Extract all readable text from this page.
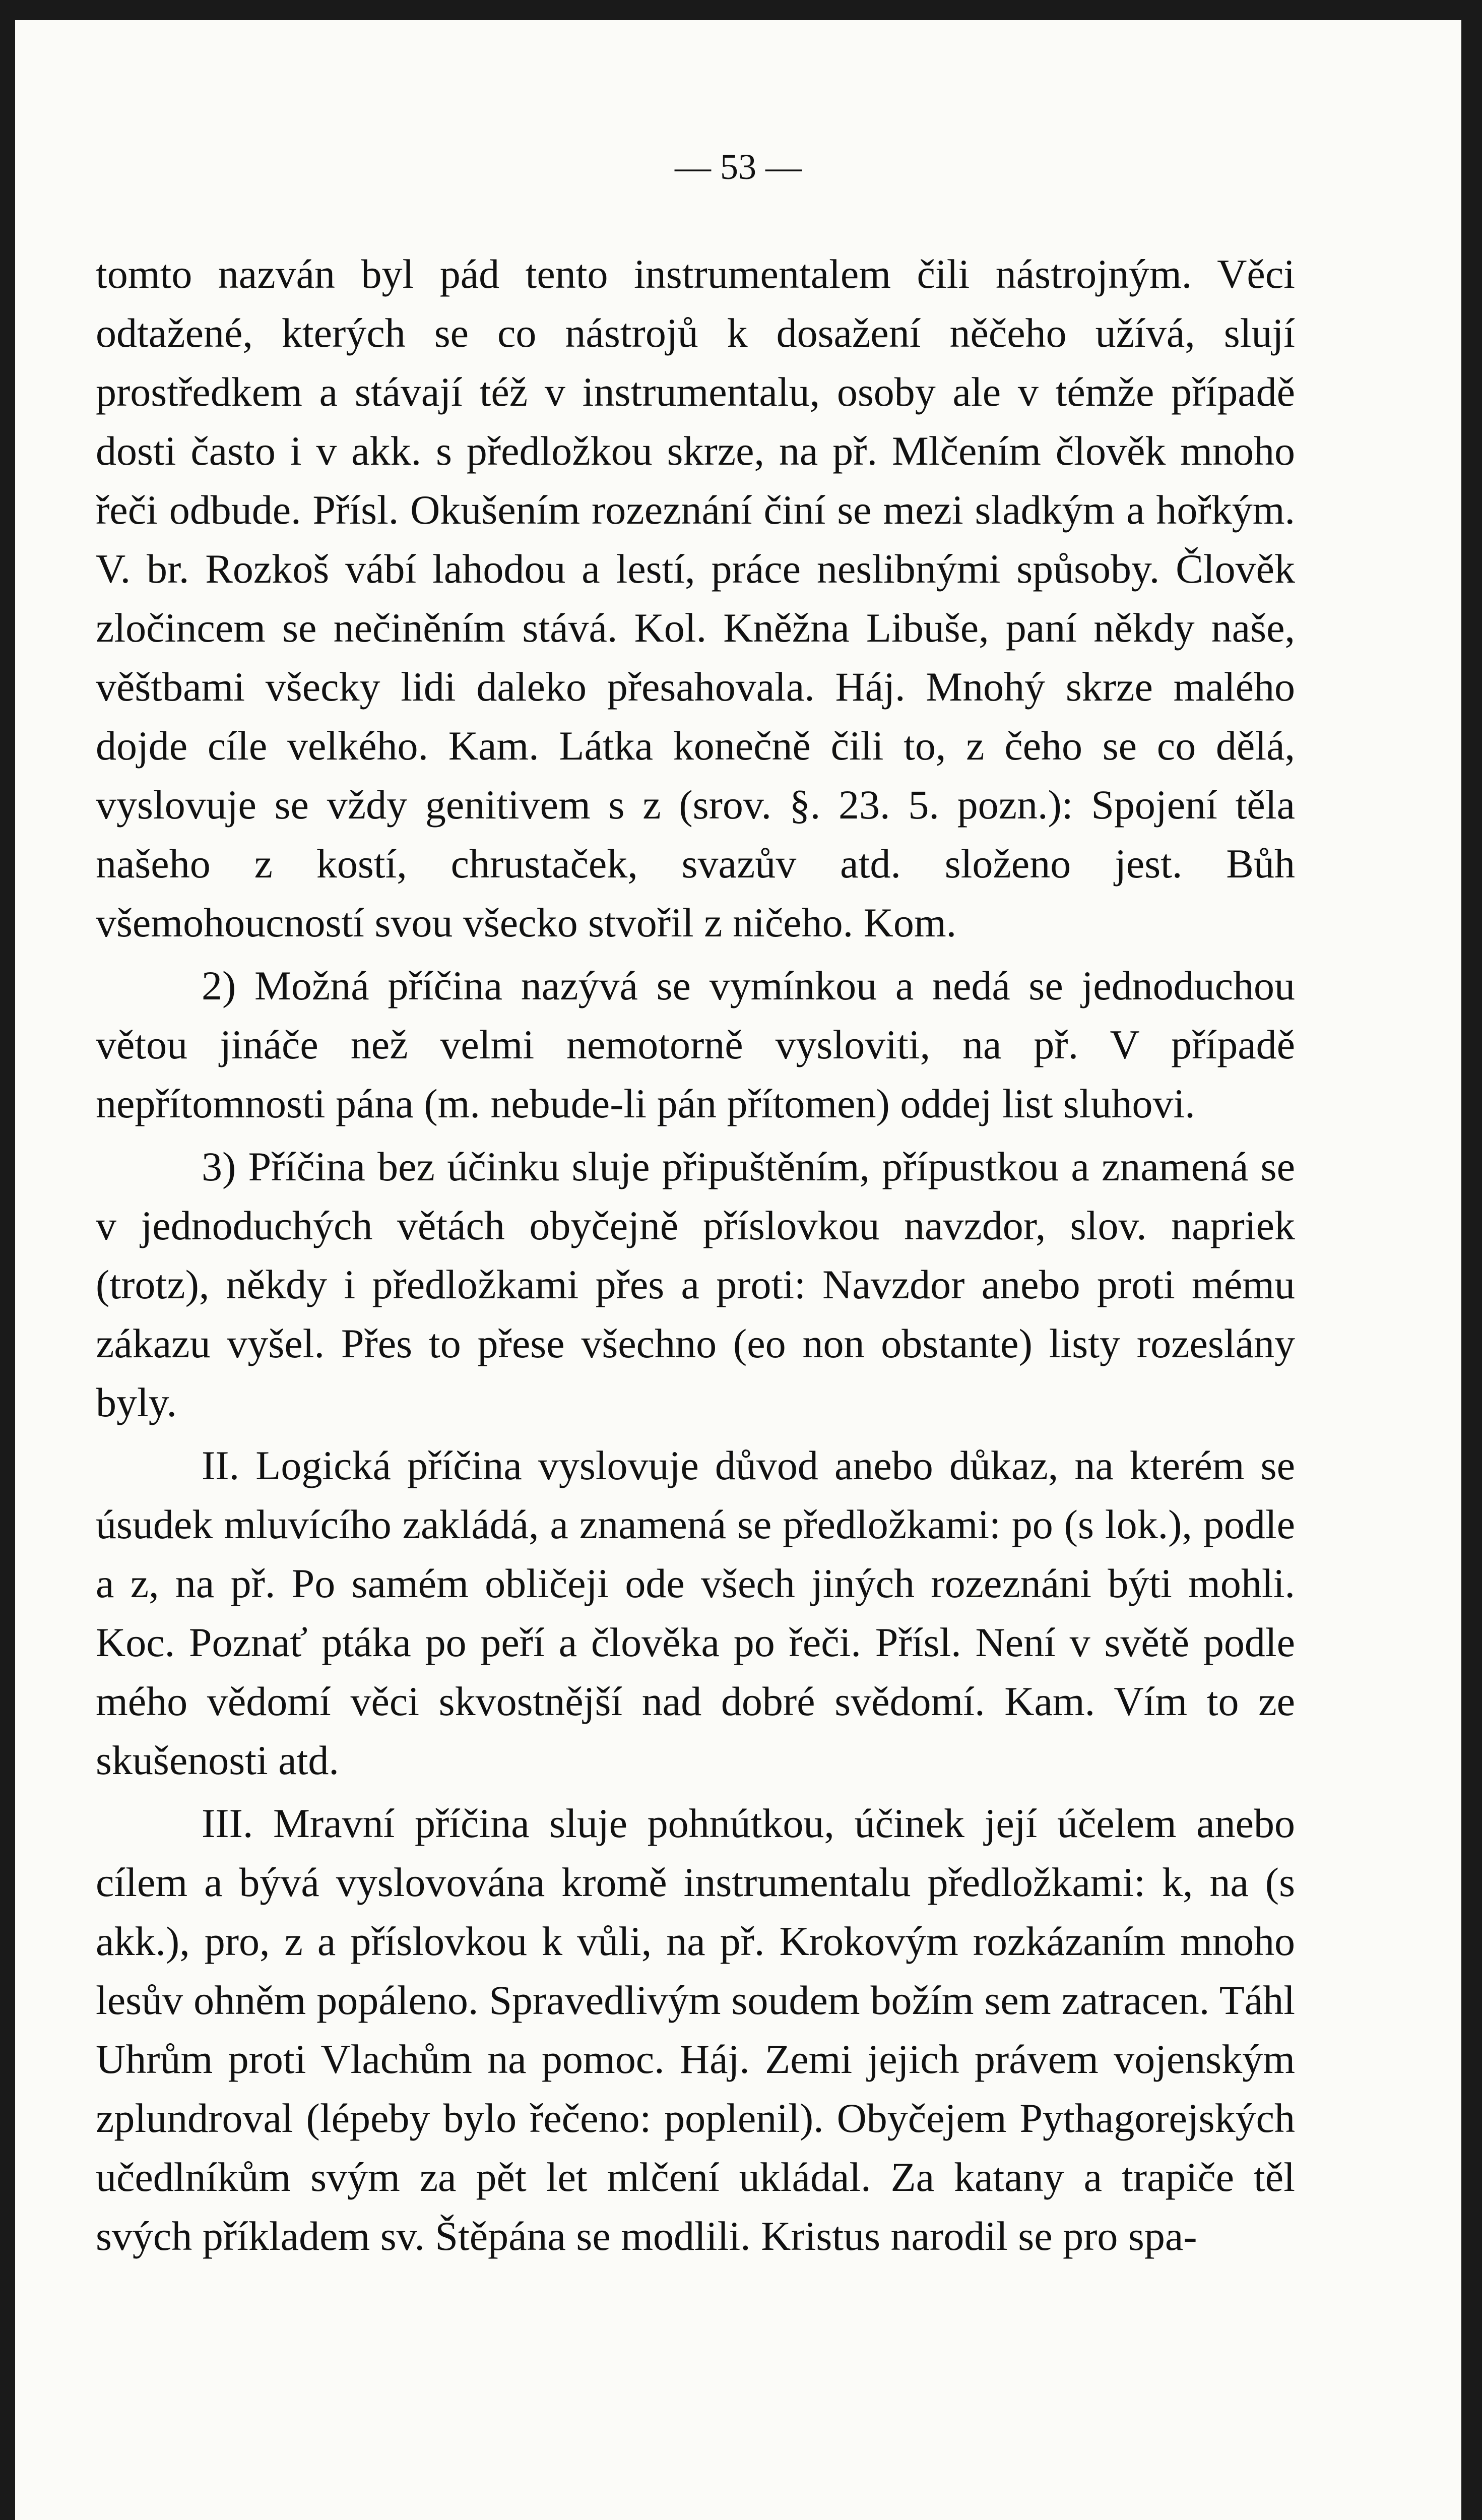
— 53 —

tomto nazván byl pád tento instrumentalem čili nástrojným. Věci odtažené, kterých se co nástrojů k dosažení něčeho užívá, slují prostředkem a stávají též v instrumentalu, osoby ale v témže případě dosti často i v akk. s předložkou skrze, na př. Mlčením člověk mnoho řeči odbude. Přísl. Okušením rozeznání činí se mezi sladkým a hořkým. V. br. Rozkoš vábí lahodou a lestí, práce neslibnými spůsoby. Člověk zločincem se nečiněním stává. Kol. Kněžna Libuše, paní někdy naše, věštbami všecky lidi daleko přesahovala. Háj. Mnohý skrze malého dojde cíle velkého. Kam. Látka konečně čili to, z čeho se co dělá, vyslovuje se vždy genitivem s z (srov. §. 23. 5. pozn.): Spojení těla našeho z kostí, chrustaček, svazův atd. složeno jest. Bůh všemohoucností svou všecko stvořil z ničeho. Kom.

2) Možná příčina nazývá se vymínkou a nedá se jednoduchou větou jináče než velmi nemotorně vysloviti, na př. V případě nepřítomnosti pána (m. nebude-li pán přítomen) oddej list sluhovi.

3) Příčina bez účinku sluje připuštěním, přípustkou a znamená se v jednoduchých větách obyčejně příslovkou navzdor, slov. napriek (trotz), někdy i předložkami přes a proti: Navzdor anebo proti mému zákazu vyšel. Přes to přese všechno (eo non obstante) listy rozeslány byly.

II. Logická příčina vyslovuje důvod anebo důkaz, na kterém se úsudek mluvícího zakládá, a znamená se předložkami: po (s lok.), podle a z, na př. Po samém obličeji ode všech jiných rozeznáni býti mohli. Koc. Poznať ptáka po peří a člověka po řeči. Přísl. Není v světě podle mého vědomí věci skvostnější nad dobré svědomí. Kam. Vím to ze skušenosti atd.

III. Mravní příčina sluje pohnútkou, účinek její účelem anebo cílem a bývá vyslovována kromě instrumentalu předložkami: k, na (s akk.), pro, z a příslovkou k vůli, na př. Krokovým rozkázaním mnoho lesův ohněm popáleno. Spravedlivým soudem božím sem zatracen. Táhl Uhrům proti Vlachům na pomoc. Háj. Zemi jejich právem vojenským zplundroval (lépeby bylo řečeno: poplenil). Obyčejem Pythagorejských učedlníkům svým za pět let mlčení ukládal. Za katany a trapiče těl svých příkladem sv. Štěpána se modlili. Kristus narodil se pro spa-
